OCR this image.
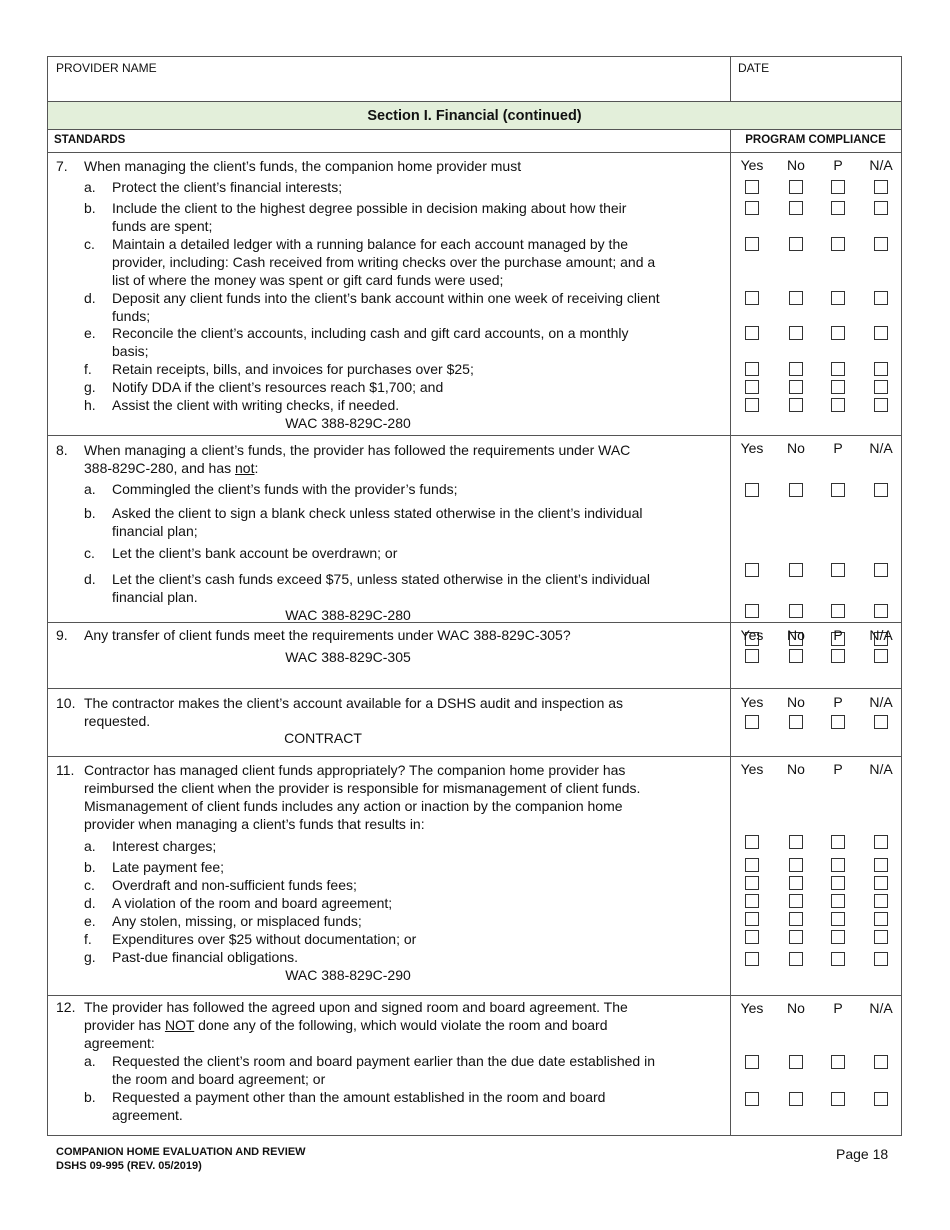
PROVIDER NAME	DATE
Section I. Financial (continued)
STANDARDS	PROGRAM COMPLIANCE
7. When managing the client’s funds, the companion home provider must	Yes	No	P	N/A
a. Protect the client’s financial interests;
b. Include the client to the highest degree possible in decision making about how their
funds are spent;
c. Maintain a detailed ledger with a running balance for each account managed by the
provider, including: Cash received from writing checks over the purchase amount; and a
list of where the money was spent or gift card funds were used;
d. Deposit any client funds into the client’s bank account within one week of receiving client
funds;
e. Reconcile the client’s accounts, including cash and gift card accounts, on a monthly
basis;
f. Retain receipts, bills, and invoices for purchases over $25;
g. Notify DDA if the client’s resources reach $1,700; and
h. Assist the client with writing checks, if needed.
WAC 388-829C-280
8. When managing a client’s funds, the provider has followed the requirements under WAC
388-829C-280, and has not:
Yes	No	P	N/A
a. Commingled the client’s funds with the provider’s funds;
b. Asked the client to sign a blank check unless stated otherwise in the client’s individual
financial plan;
c. Let the client’s bank account be overdrawn; or
d. Let the client’s cash funds exceed $75, unless stated otherwise in the client’s individual
financial plan.
WAC 388-829C-280
9. Any transfer of client funds meet the requirements under WAC 388-829C-305?
WAC 388-829C-305
Yes	No	P	N/A
10. The contractor makes the client’s account available for a DSHS audit and inspection as
requested.
CONTRACT
Yes	No	P	N/A
11. Contractor has managed client funds appropriately? The companion home provider has
reimbursed the client when the provider is responsible for mismanagement of client funds.
Mismanagement of client funds includes any action or inaction by the companion home
provider when managing a client’s funds that results in:
Yes	No	P	N/A
a. Interest charges;
b. Late payment fee;
c. Overdraft and non-sufficient funds fees;
d. A violation of the room and board agreement;
e. Any stolen, missing, or misplaced funds;
f. Expenditures over $25 without documentation; or
g. Past-due financial obligations.
WAC 388-829C-290
12. The provider has followed the agreed upon and signed room and board agreement. The
provider has NOT done any of the following, which would violate the room and board
agreement:
Yes	No	P	N/A
a. Requested the client’s room and board payment earlier than the due date established in
the room and board agreement; or
b. Requested a payment other than the amount established in the room and board
agreement.
COMPANION HOME EVALUATION AND REVIEW
DSHS 09-995 (REV. 05/2019)
Page 18
